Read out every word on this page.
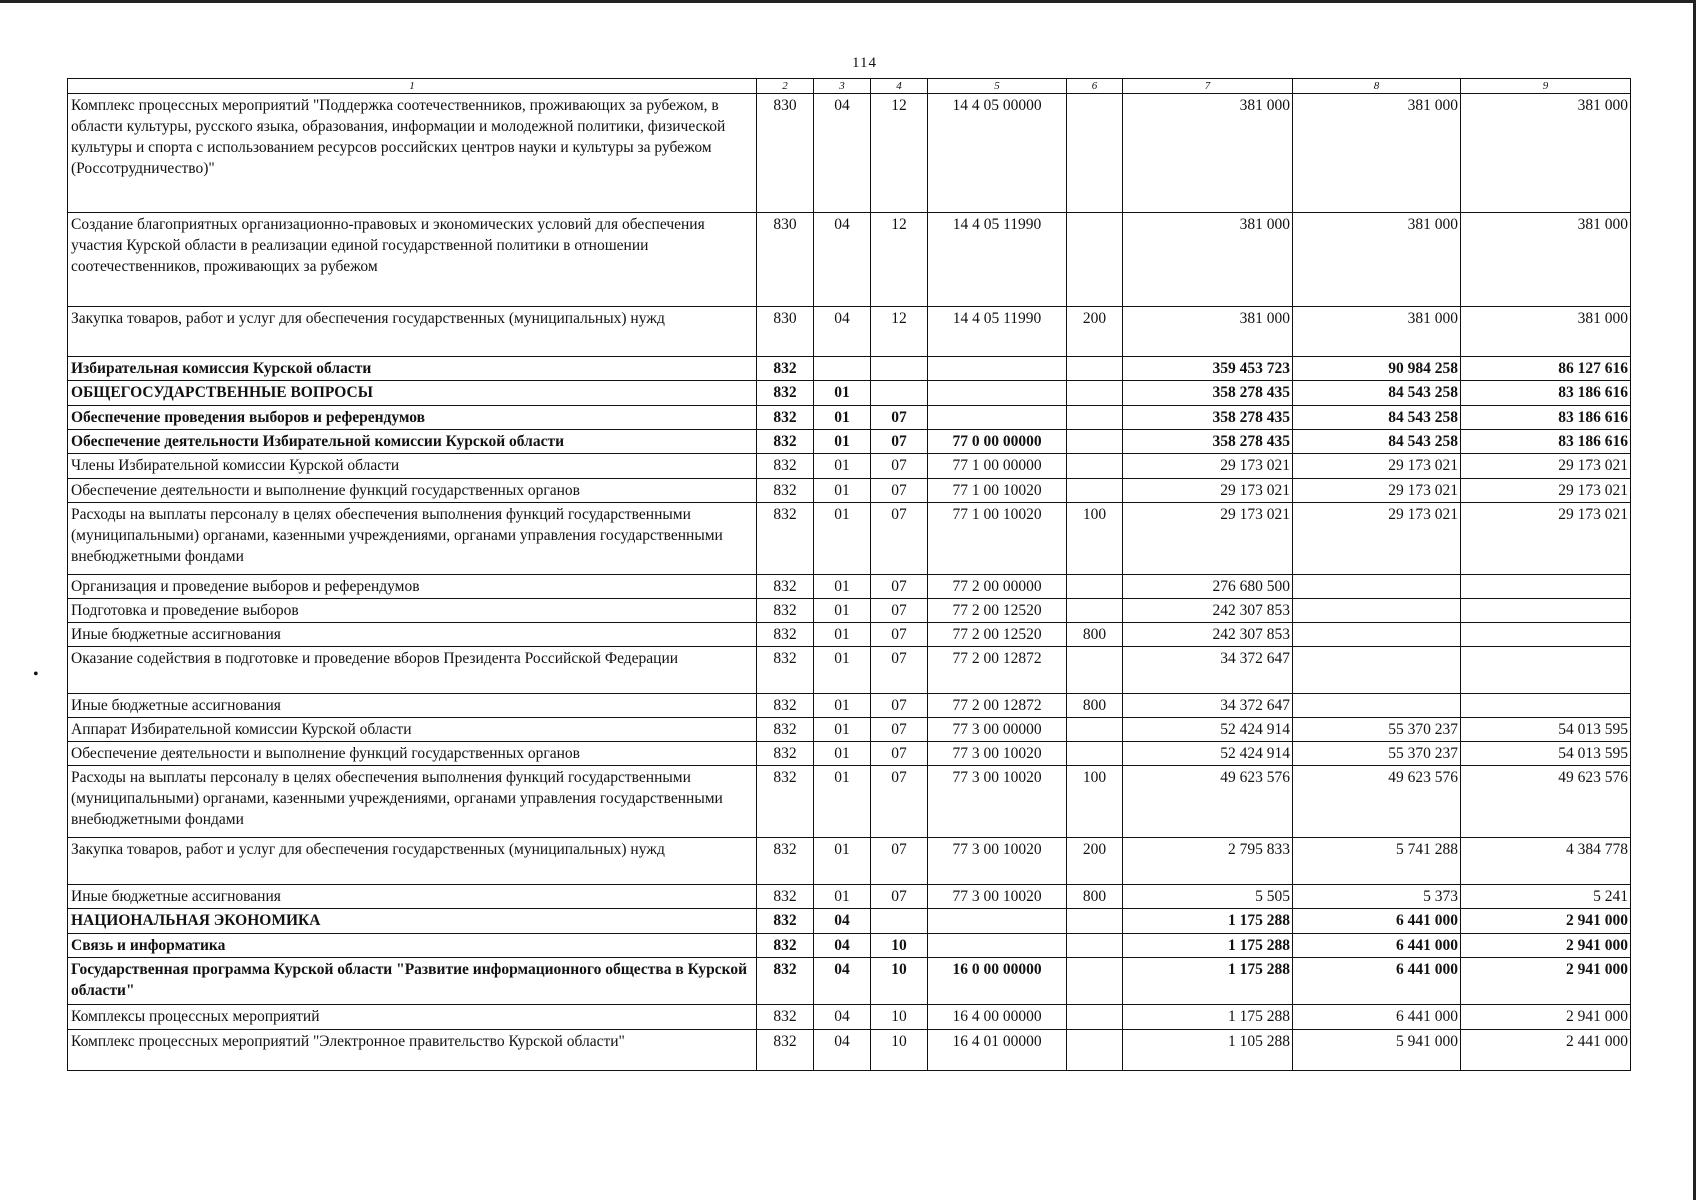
114
•
1	2	3	4	5	6	7	8	9
Комплекс процессных мероприятий "Поддержка соотечественников, проживающих за рубежом, в области культуры, русского языка, образования, информации и молодежной политики, физической культуры и спорта с использованием ресурсов российских центров науки и культуры за рубежом (Россотрудничество)"	830	04	12	14 4 05 00000		381 000	381 000	381 000
Создание благоприятных организационно-правовых и экономических условий для обеспечения участия Курской области в реализации единой государственной политики в отношении соотечественников, проживающих за рубежом	830	04	12	14 4 05 11990		381 000	381 000	381 000
Закупка товаров, работ и услуг для обеспечения государственных (муниципальных) нужд	830	04	12	14 4 05 11990	200	381 000	381 000	381 000
Избирательная комиссия Курской области	832					359 453 723	90 984 258	86 127 616
ОБЩЕГОСУДАРСТВЕННЫЕ ВОПРОСЫ	832	01				358 278 435	84 543 258	83 186 616
Обеспечение проведения выборов и референдумов	832	01	07			358 278 435	84 543 258	83 186 616
Обеспечение деятельности Избирательной комиссии Курской области	832	01	07	77 0 00 00000		358 278 435	84 543 258	83 186 616
Члены Избирательной комиссии Курской области	832	01	07	77 1 00 00000		29 173 021	29 173 021	29 173 021
Обеспечение деятельности и выполнение функций государственных органов	832	01	07	77 1 00 10020		29 173 021	29 173 021	29 173 021
Расходы на выплаты персоналу в целях обеспечения выполнения функций государственными (муниципальными) органами, казенными учреждениями, органами управления государственными внебюджетными фондами	832	01	07	77 1 00 10020	100	29 173 021	29 173 021	29 173 021
Организация и проведение выборов и референдумов	832	01	07	77 2 00 00000		276 680 500		
Подготовка и проведение выборов	832	01	07	77 2 00 12520		242 307 853		
Иные бюджетные ассигнования	832	01	07	77 2 00 12520	800	242 307 853		
Оказание содействия в подготовке и проведение вборов Президента Российской Федерации	832	01	07	77 2 00 12872		34 372 647		
Иные бюджетные ассигнования	832	01	07	77 2 00 12872	800	34 372 647		
Аппарат Избирательной комиссии Курской области	832	01	07	77 3 00 00000		52 424 914	55 370 237	54 013 595
Обеспечение деятельности и выполнение функций государственных органов	832	01	07	77 3 00 10020		52 424 914	55 370 237	54 013 595
Расходы на выплаты персоналу в целях обеспечения выполнения функций государственными (муниципальными) органами, казенными учреждениями, органами управления государственными внебюджетными фондами	832	01	07	77 3 00 10020	100	49 623 576	49 623 576	49 623 576
Закупка товаров, работ и услуг для обеспечения государственных (муниципальных) нужд	832	01	07	77 3 00 10020	200	2 795 833	5 741 288	4 384 778
Иные бюджетные ассигнования	832	01	07	77 3 00 10020	800	5 505	5 373	5 241
НАЦИОНАЛЬНАЯ ЭКОНОМИКА	832	04				1 175 288	6 441 000	2 941 000
Связь и информатика	832	04	10			1 175 288	6 441 000	2 941 000
Государственная программа Курской области "Развитие информационного общества в Курской области"	832	04	10	16 0 00 00000		1 175 288	6 441 000	2 941 000
Комплексы процессных мероприятий	832	04	10	16 4 00 00000		1 175 288	6 441 000	2 941 000
Комплекс процессных мероприятий "Электронное правительство Курской области"	832	04	10	16 4 01 00000		1 105 288	5 941 000	2 441 000
